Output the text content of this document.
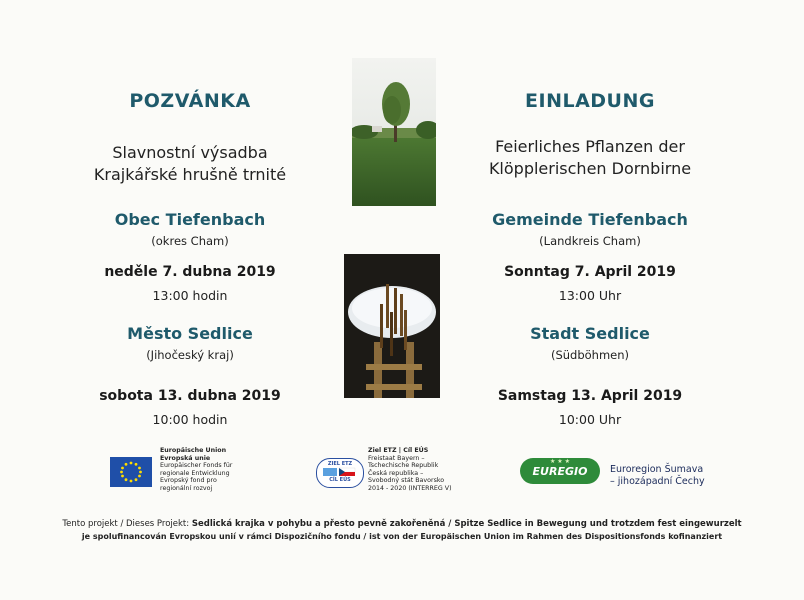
POZVÁNKA
Slavnostní výsadba
Krajkářské hrušně trnité
Obec Tiefenbach
(okres Cham)
neděle 7. dubna 2019
13:00 hodin
Město Sedlice
(Jihočeský kraj)
sobota 13. dubna 2019
10:00 hodin
EINLADUNG
Feierliches Pflanzen der
Klöpplerischen Dornbirne
Gemeinde Tiefenbach
(Landkreis Cham)
Sonntag 7. April 2019
13:00 Uhr
Stadt Sedlice
(Südböhmen)
Samstag 13. April 2019
10:00 Uhr
Europäische Union
Evropská unie
Europäischer Fonds für
regionale Entwicklung
Evropský fond pro
regionální rozvoj
ZIEL ETZ
CÍL EÚS
Ziel ETZ | Cíl EÚS
Freistaat Bayern –
Tschechische Republik
Česká republika –
Svobodný stát Bavorsko
2014 - 2020 (INTERREG V)
★ ★ ★
EUREGIO	Euroregion Šumava
– jihozápadní Čechy
Tento projekt / Dieses Projekt: Sedlická krajka v pohybu a přesto pevně zakořeněná / Spitze Sedlice in Bewegung und trotzdem fest eingewurzelt
je spolufinancován Evropskou unií v rámci Dispozičního fondu / ist von der Europäischen Union im Rahmen des Dispositionsfonds kofinanziert
